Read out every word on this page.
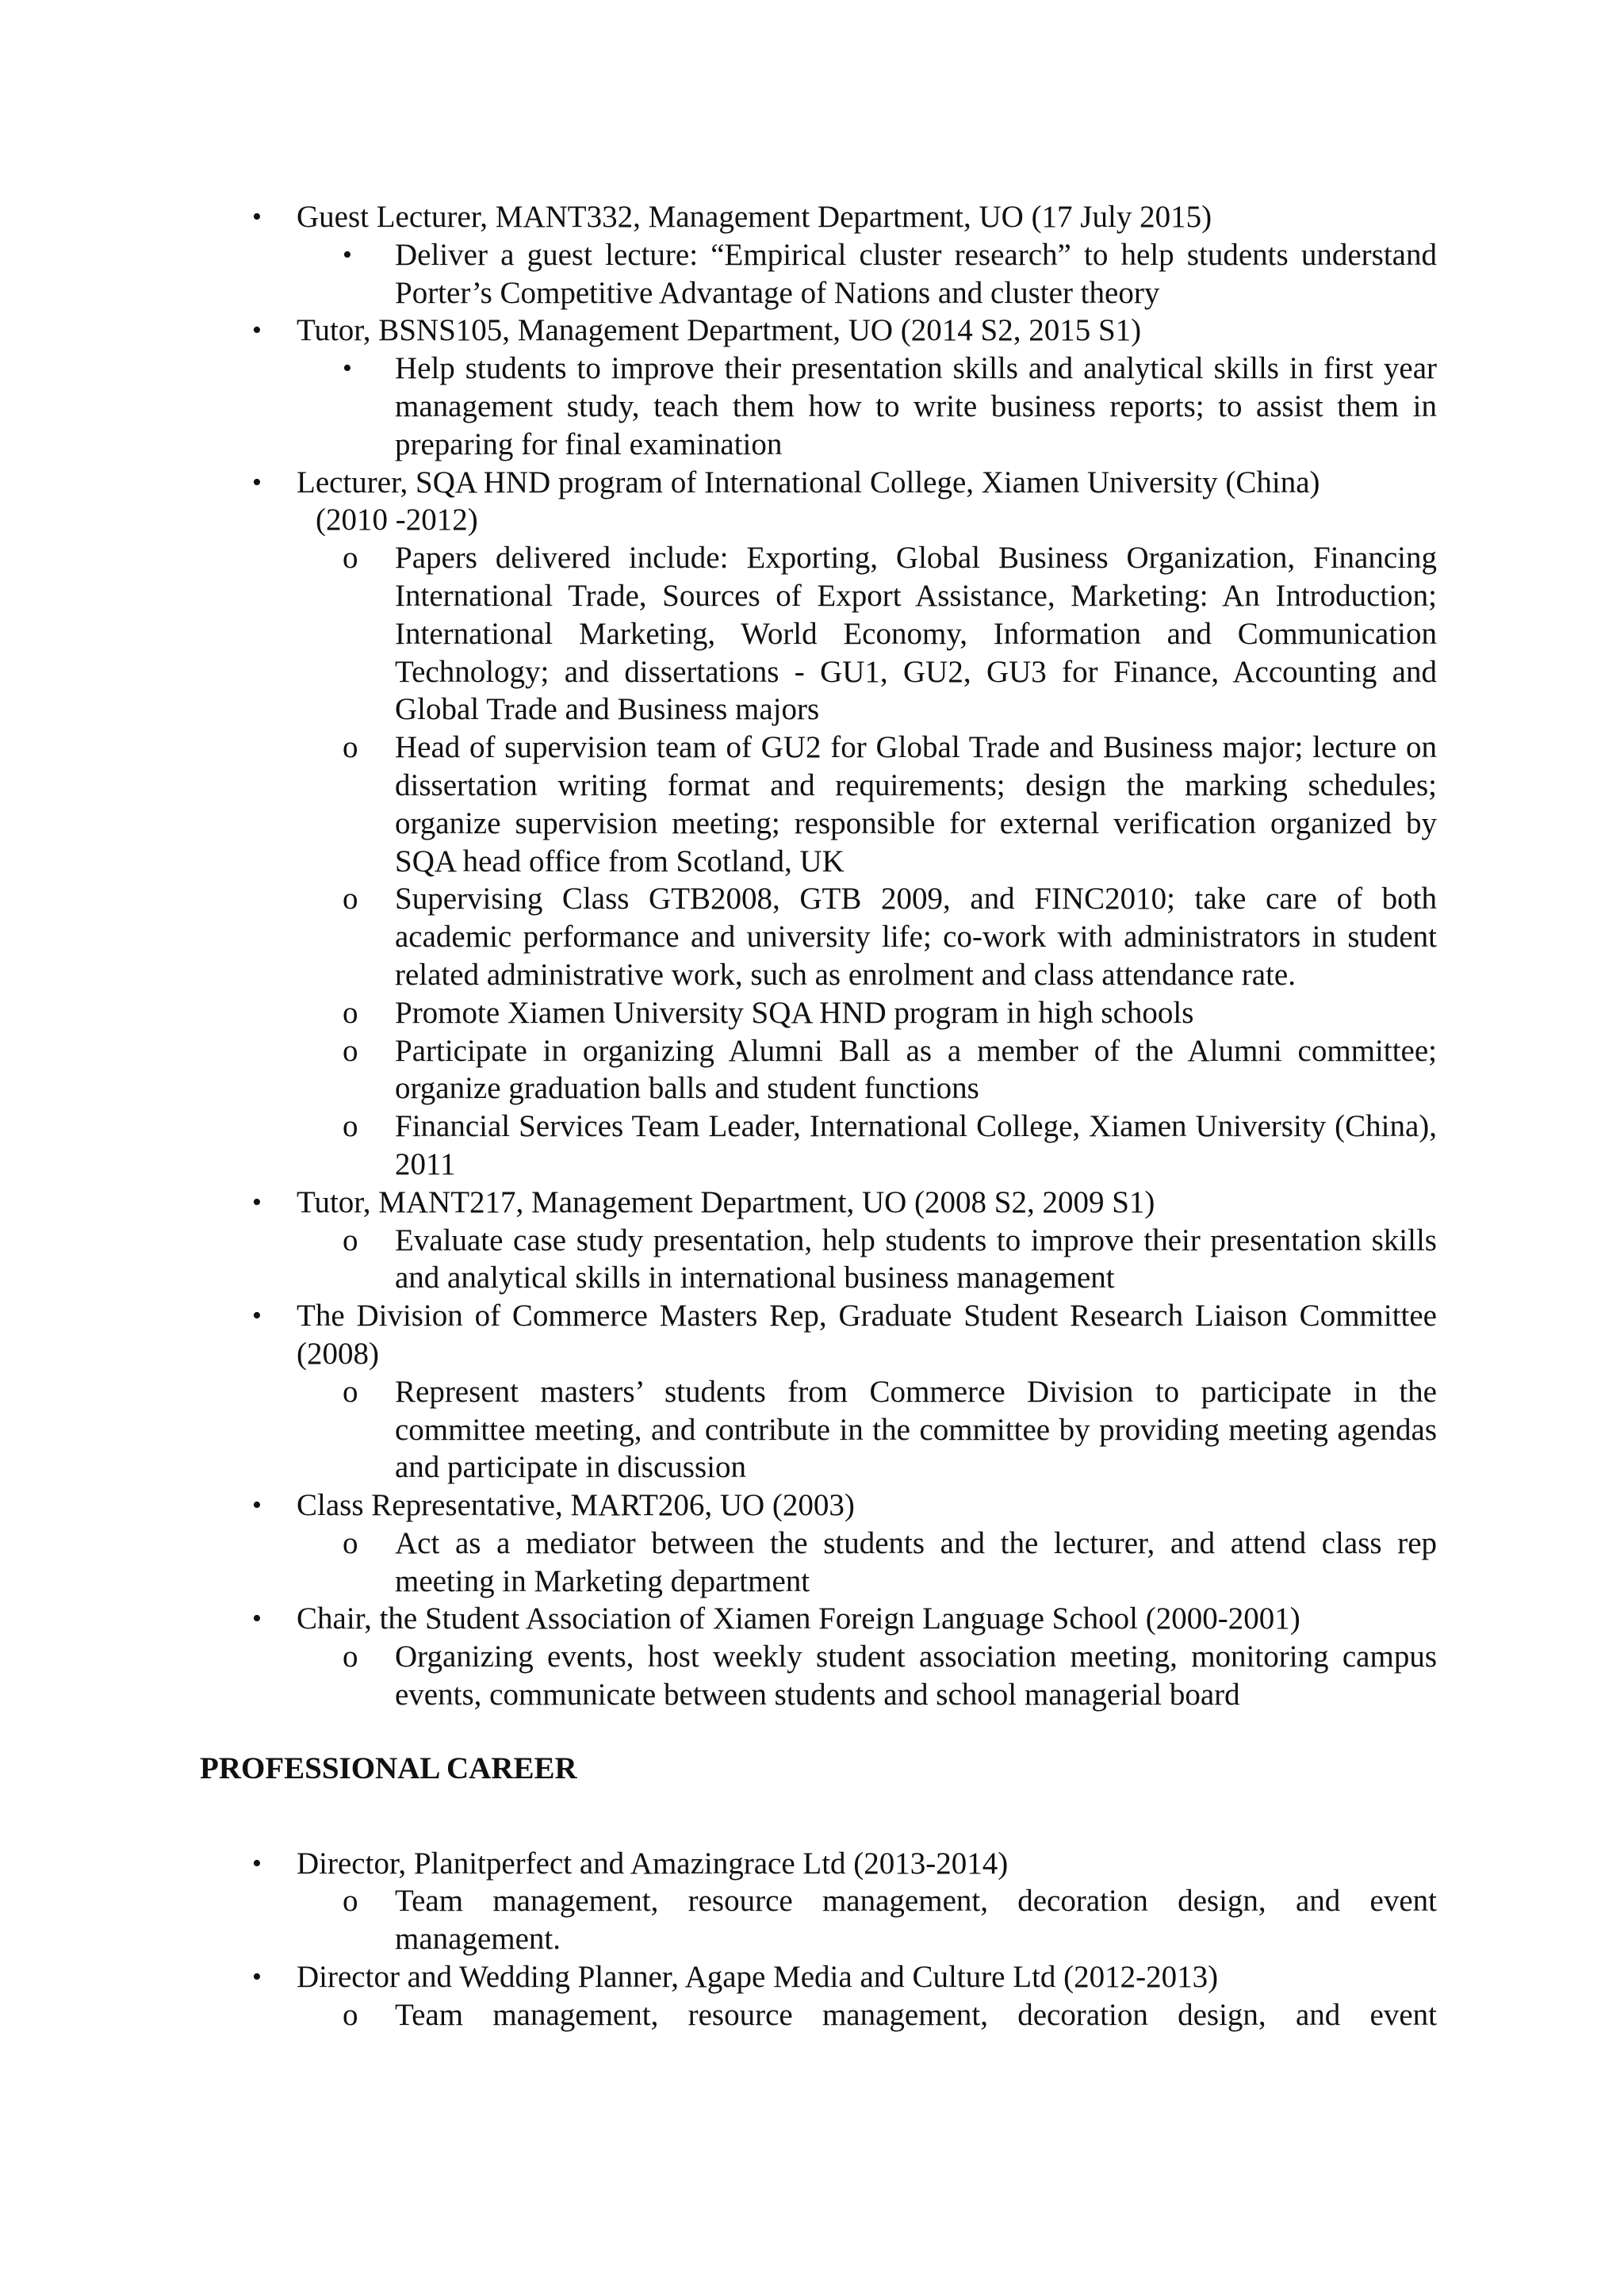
• Guest Lecturer, MANT332, Management Department, UO (17 July 2015)
• Deliver a guest lecture: “Empirical cluster research” to help students understand Porter’s Competitive Advantage of Nations and cluster theory
• Tutor, BSNS105, Management Department, UO (2014 S2, 2015 S1)
• Help students to improve their presentation skills and analytical skills in first year management study, teach them how to write business reports; to assist them in preparing for final examination
• Lecturer, SQA HND program of International College, Xiamen University (China)
(2010 -2012)
o Papers delivered include: Exporting, Global Business Organization, Financing International Trade, Sources of Export Assistance, Marketing: An Introduction; International Marketing, World Economy, Information and Communication Technology; and dissertations - GU1, GU2, GU3 for Finance, Accounting and Global Trade and Business majors
o Head of supervision team of GU2 for Global Trade and Business major; lecture on dissertation writing format and requirements; design the marking schedules; organize supervision meeting; responsible for external verification organized by SQA head office from Scotland, UK
o Supervising Class GTB2008, GTB 2009, and FINC2010; take care of both academic performance and university life; co-work with administrators in student related administrative work, such as enrolment and class attendance rate.
o Promote Xiamen University SQA HND program in high schools
o Participate in organizing Alumni Ball as a member of the Alumni committee; organize graduation balls and student functions
o Financial Services Team Leader, International College, Xiamen University (China), 2011
• Tutor, MANT217, Management Department, UO (2008 S2, 2009 S1)
o Evaluate case study presentation, help students to improve their presentation skills and analytical skills in international business management
• The Division of Commerce Masters Rep, Graduate Student Research Liaison Committee (2008)
o Represent masters’ students from Commerce Division to participate in the committee meeting, and contribute in the committee by providing meeting agendas and participate in discussion
• Class Representative, MART206, UO (2003)
o Act as a mediator between the students and the lecturer, and attend class rep meeting in Marketing department
• Chair, the Student Association of Xiamen Foreign Language School (2000-2001)
o Organizing events, host weekly student association meeting, monitoring campus events, communicate between students and school managerial board
PROFESSIONAL CAREER
• Director, Planitperfect and Amazingrace Ltd (2013-2014)
o Team management, resource management, decoration design, and event management.
• Director and Wedding Planner, Agape Media and Culture Ltd (2012-2013)
o Team management, resource management, decoration design, and event
